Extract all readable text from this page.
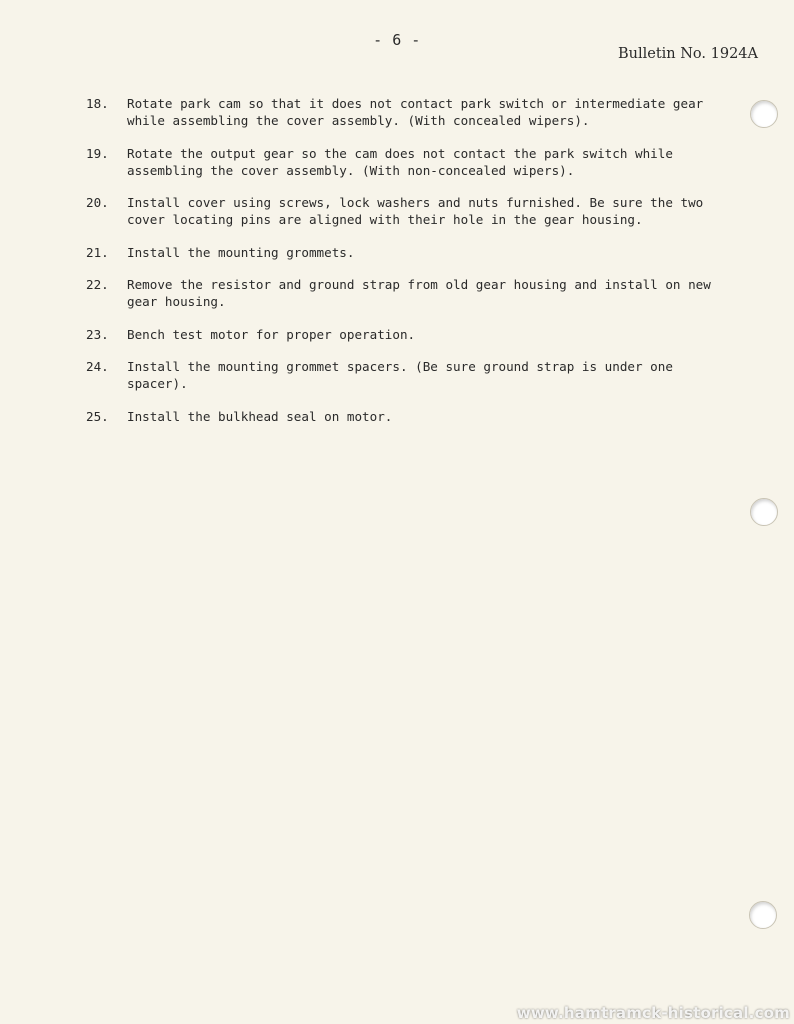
- 6 -
Bulletin No. 1924A
18.	Rotate park cam so that it does not contact park switch or intermediate gear while assembling the cover assembly. (With concealed wipers).
19.	Rotate the output gear so the cam does not contact the park switch while assembling the cover assembly. (With non-concealed wipers).
20.	Install cover using screws, lock washers and nuts furnished. Be sure the two cover locating pins are aligned with their hole in the gear housing.
21.	Install the mounting grommets.
22.	Remove the resistor and ground strap from old gear housing and install on new gear housing.
23.	Bench test motor for proper operation.
24.	Install the mounting grommet spacers. (Be sure ground strap is under one spacer).
25.	Install the bulkhead seal on motor.
www.hamtramck-historical.com
